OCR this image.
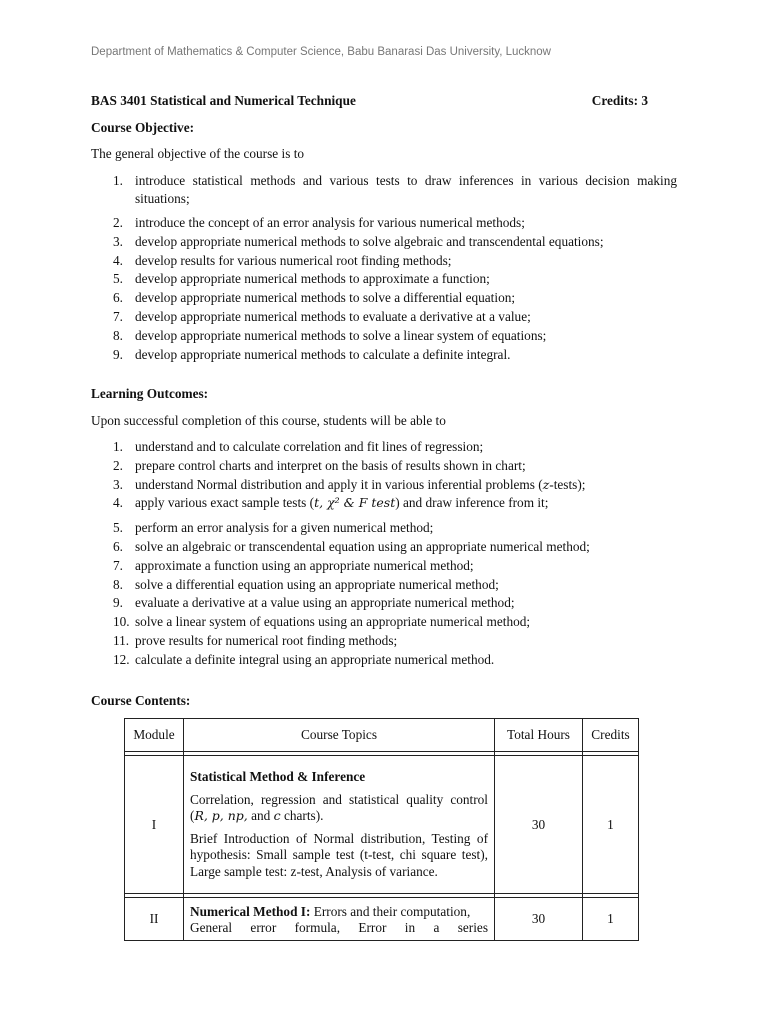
Department of Mathematics & Computer Science, Babu Banarasi Das University, Lucknow
BAS 3401 Statistical and Numerical Technique	Credits: 3
Course Objective:
The general objective of the course is to
1. introduce statistical methods and various tests to draw inferences in various decision making situations;
2. introduce the concept of an error analysis for various numerical methods;
3. develop appropriate numerical methods to solve algebraic and transcendental equations;
4. develop results for various numerical root finding methods;
5. develop appropriate numerical methods to approximate a function;
6. develop appropriate numerical methods to solve a differential equation;
7. develop appropriate numerical methods to evaluate a derivative at a value;
8. develop appropriate numerical methods to solve a linear system of equations;
9. develop appropriate numerical methods to calculate a definite integral.
Learning Outcomes:
Upon successful completion of this course, students will be able to
1. understand and to calculate correlation and fit lines of regression;
2. prepare control charts and interpret on the basis of results shown in chart;
3. understand Normal distribution and apply it in various inferential problems (z-tests);
4. apply various exact sample tests (t, χ² & F test) and draw inference from it;
5. perform an error analysis for a given numerical method;
6. solve an algebraic or transcendental equation using an appropriate numerical method;
7. approximate a function using an appropriate numerical method;
8. solve a differential equation using an appropriate numerical method;
9. evaluate a derivative at a value using an appropriate numerical method;
10. solve a linear system of equations using an appropriate numerical method;
11. prove results for numerical root finding methods;
12. calculate a definite integral using an appropriate numerical method.
Course Contents:
Module	Course Topics	Total Hours	Credits

I	Statistical Method & Inference
Correlation, regression and statistical quality control (R, p, np, and c charts).
Brief Introduction of Normal distribution, Testing of hypothesis: Small sample test (t-test, chi square test), Large sample test: z-test, Analysis of variance.	30	1

II	Numerical Method I: Errors and their computation,
General error formula, Error in a series	30	1
